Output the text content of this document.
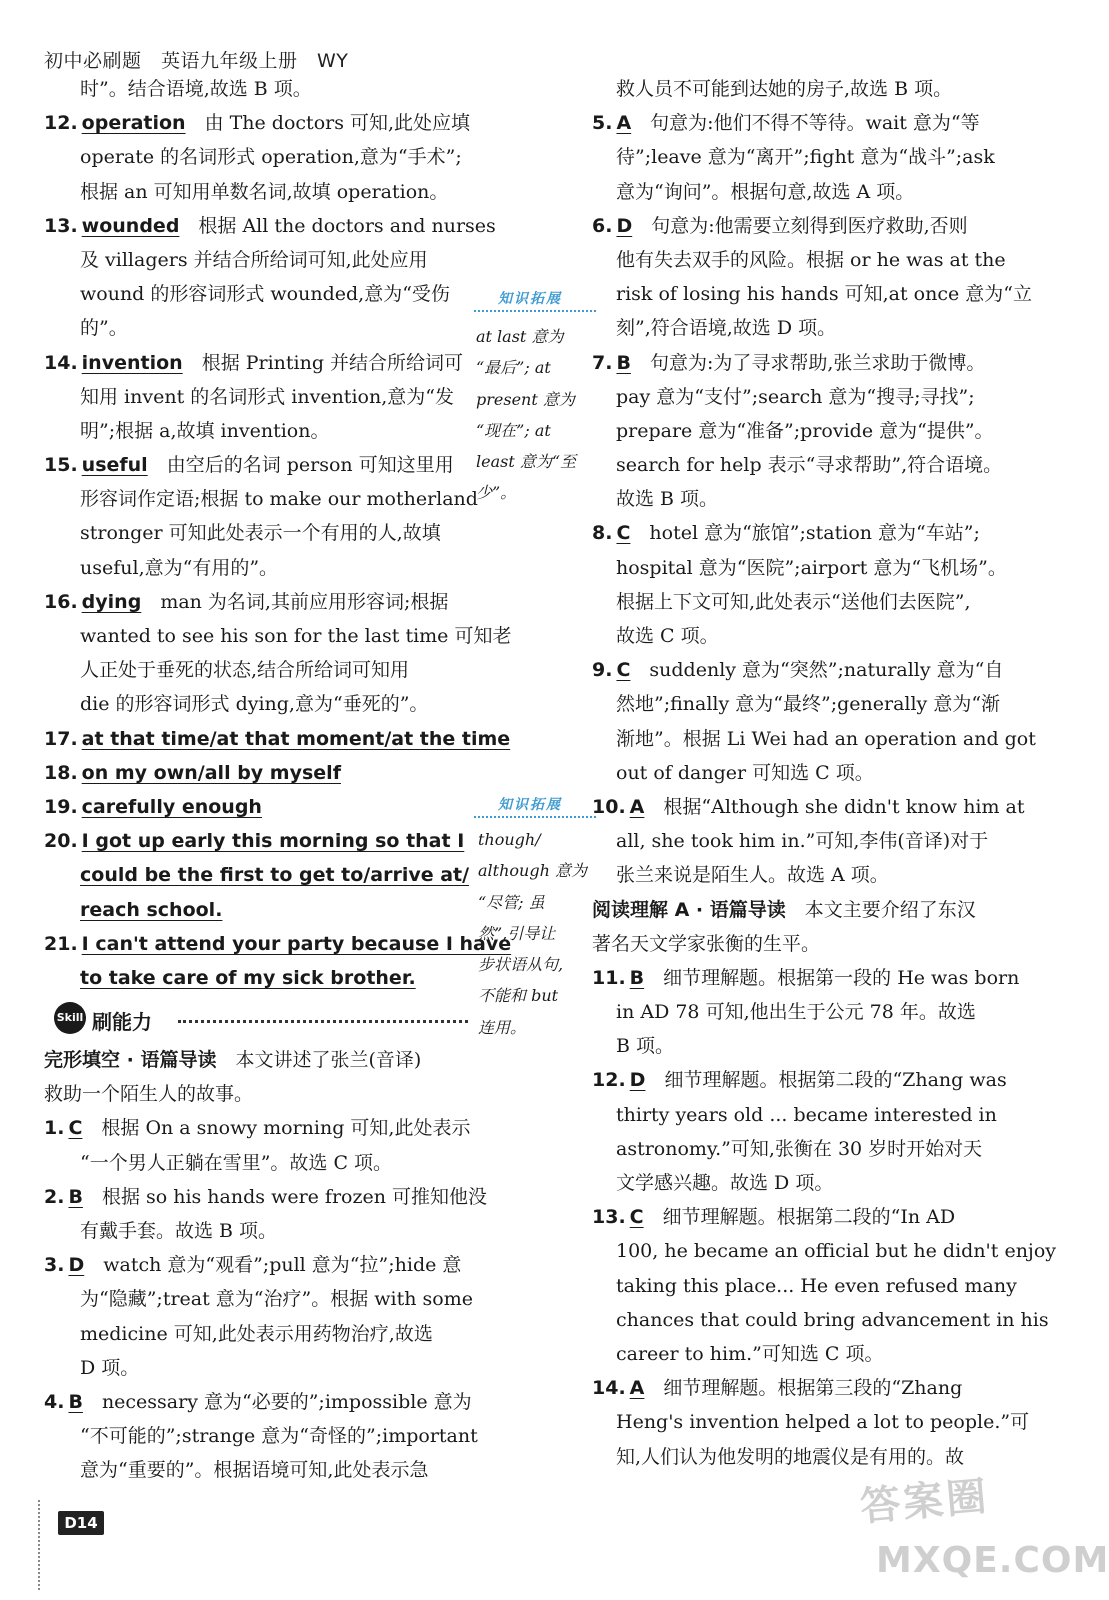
初中必刷题　英语九年级上册　WY
时”。结合语境,故选 B 项。
12. operation　由 The doctors 可知,此处应填
operate 的名词形式 operation,意为“手术”;
根据 an 可知用单数名词,故填 operation。
13. wounded　根据 All the doctors and nurses
及 villagers 并结合所给词可知,此处应用
wound 的形容词形式 wounded,意为“受伤
的”。
14. invention　根据 Printing 并结合所给词可
知用 invent 的名词形式 invention,意为“发
明”;根据 a,故填 invention。
15. useful　由空后的名词 person 可知这里用
形容词作定语;根据 to make our motherland
stronger 可知此处表示一个有用的人,故填
useful,意为“有用的”。
16. dying　man 为名词,其前应用形容词;根据
wanted to see his son for the last time 可知老
人正处于垂死的状态,结合所给词可知用
die 的形容词形式 dying,意为“垂死的”。
17. at that time/at that moment/at the time
18. on my own/all by myself
19. carefully enough
20. I got up early this morning so that I
could be the first to get to/arrive at/
reach school.
21. I can't attend your party because I have
to take care of my sick brother.
完形填空 · 语篇导读　本文讲述了张兰(音译)
救助一个陌生人的故事。
1. C　根据 On a snowy morning 可知,此处表示
“一个男人正躺在雪里”。故选 C 项。
2. B　根据 so his hands were frozen 可推知他没
有戴手套。故选 B 项。
3. D　watch 意为“观看”;pull 意为“拉”;hide 意
为“隐藏”;treat 意为“治疗”。根据 with some
medicine 可知,此处表示用药物治疗,故选
D 项。
4. B　necessary 意为“必要的”;impossible 意为
“不可能的”;strange 意为“奇怪的”;important
意为“重要的”。根据语境可知,此处表示急
at last 意为
“最后”; at
present 意为
“现在”; at
least 意为“至
少”。
though/
although 意为
“尽管; 虽
然”,引导让
步状语从句,
不能和 but
连用。
救人员不可能到达她的房子,故选 B 项。
5. A　句意为:他们不得不等待。wait 意为“等
待”;leave 意为“离开”;fight 意为“战斗”;ask
意为“询问”。根据句意,故选 A 项。
6. D　句意为:他需要立刻得到医疗救助,否则
他有失去双手的风险。根据 or he was at the
risk of losing his hands 可知,at once 意为“立
刻”,符合语境,故选 D 项。
7. B　句意为:为了寻求帮助,张兰求助于微博。
pay 意为“支付”;search 意为“搜寻;寻找”;
prepare 意为“准备”;provide 意为“提供”。
search for help 表示“寻求帮助”,符合语境。
故选 B 项。
8. C　hotel 意为“旅馆”;station 意为“车站”;
hospital 意为“医院”;airport 意为“飞机场”。
根据上下文可知,此处表示“送他们去医院”,
故选 C 项。
9. C　suddenly 意为“突然”;naturally 意为“自
然地”;finally 意为“最终”;generally 意为“渐
渐地”。根据 Li Wei had an operation and got
out of danger 可知选 C 项。
10. A　根据“Although she didn't know him at
all, she took him in.”可知,李伟(音译)对于
张兰来说是陌生人。故选 A 项。
阅读理解 A · 语篇导读　本文主要介绍了东汉
著名天文学家张衡的生平。
11. B　细节理解题。根据第一段的 He was born
in AD 78 可知,他出生于公元 78 年。故选
B 项。
12. D　细节理解题。根据第二段的“Zhang was
thirty years old ... became interested in
astronomy.”可知,张衡在 30 岁时开始对天
文学感兴趣。故选 D 项。
13. C　细节理解题。根据第二段的“In AD
100, he became an official but he didn't enjoy
taking this place... He even refused many
chances that could bring advancement in his
career to him.”可知选 C 项。
14. A　细节理解题。根据第三段的“Zhang
Heng's invention helped a lot to people.”可
知,人们认为他发明的地震仪是有用的。故
Skill 刷能力
D14	答案圈
MXQE.COM
知识拓展
知识拓展
